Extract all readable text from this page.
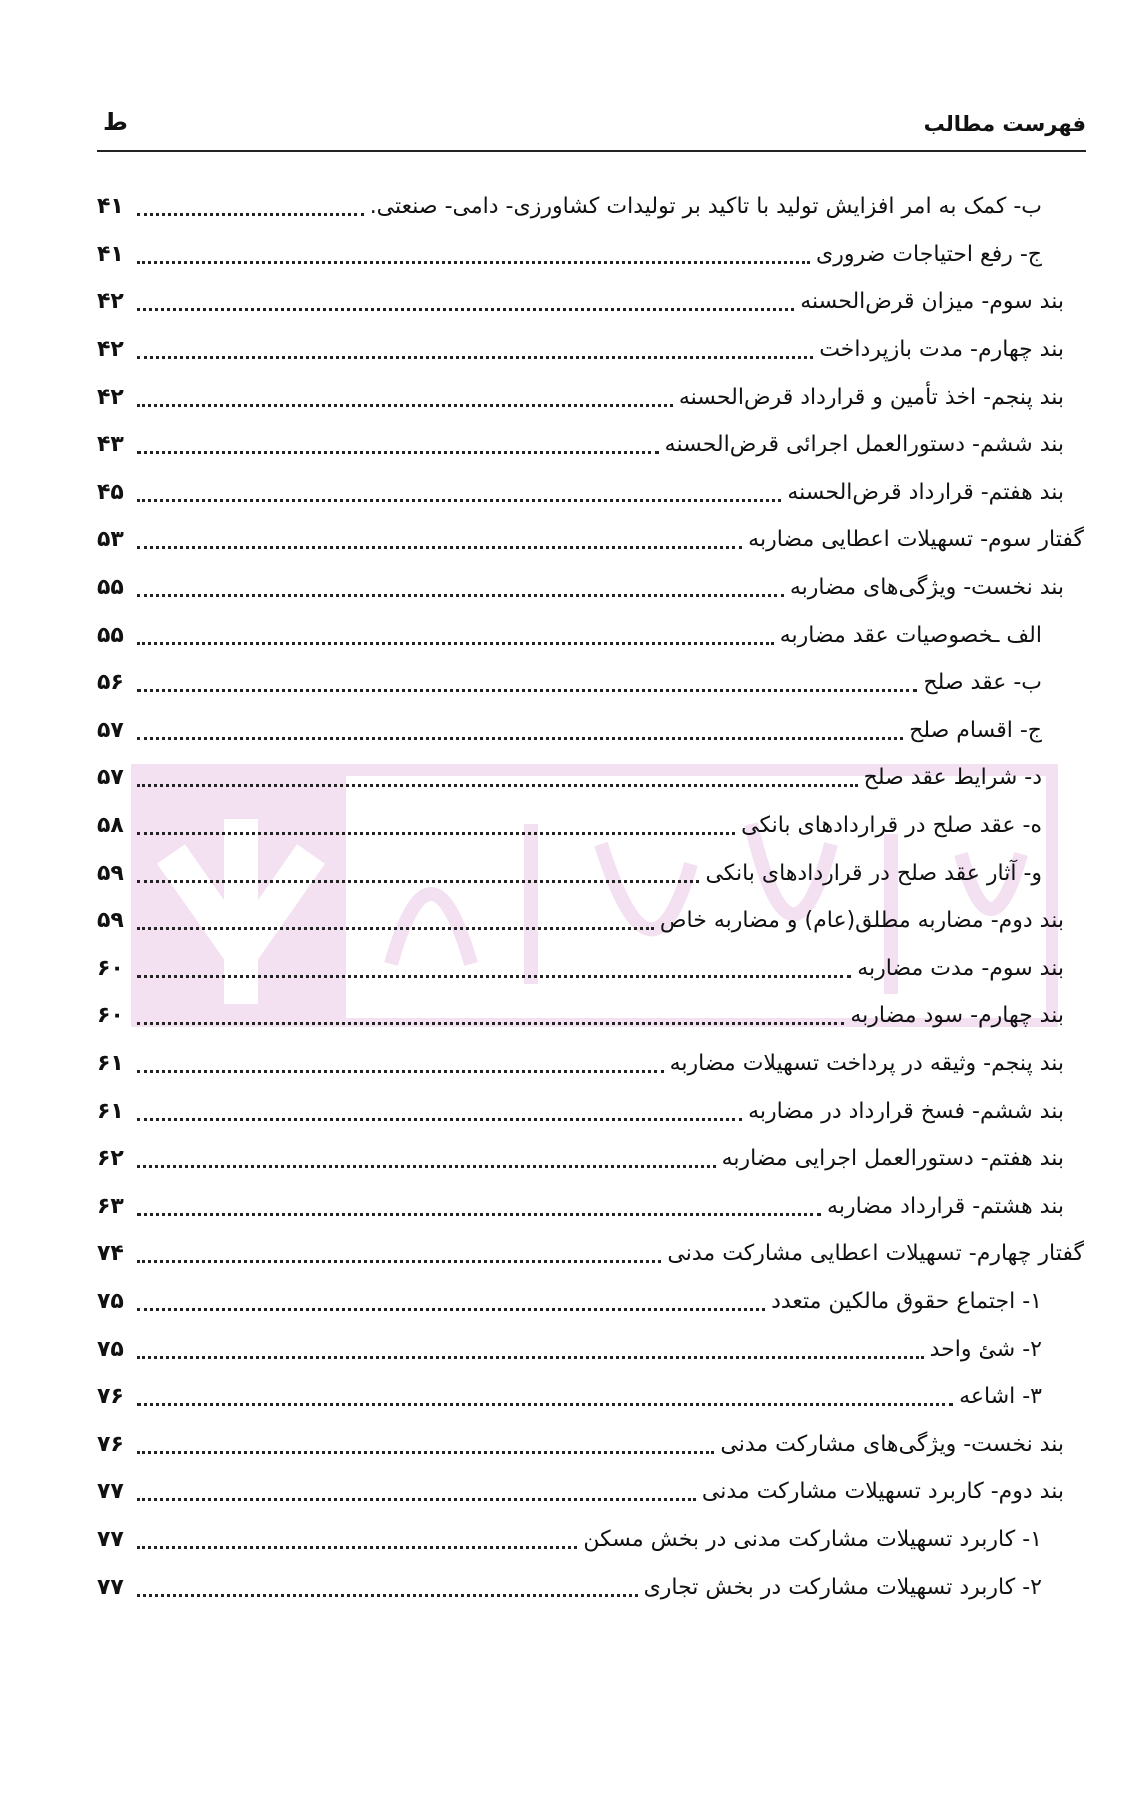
فهرست مطالب
ط
ب- کمک به امر افزایش تولید با تاکید بر تولیدات کشاورزی- دامی- صنعتی.
۴۱
ج- رفع احتیاجات ضروری
۴۱
بند سوم- میزان قرض‌الحسنه
۴۲
بند چهارم- مدت بازپرداخت
۴۲
بند پنجم- اخذ تأمین و قرارداد قرض‌الحسنه
۴۲
بند ششم- دستورالعمل اجرائی قرض‌الحسنه
۴۳
بند هفتم- قرارداد قرض‌الحسنه
۴۵
گفتار سوم- تسهیلات اعطایی مضاربه
۵۳
بند نخست- ویژگی‌های مضاربه
۵۵
الف ـخصوصیات عقد مضاربه
۵۵
ب- عقد صلح
۵۶
ج- اقسام صلح
۵۷
د- شرایط عقد صلح
۵۷
ه- عقد صلح در قراردادهای بانکی
۵۸
و- آثار عقد صلح در قراردادهای بانکی
۵۹
بند دوم- مضاربه مطلق(عام) و مضاربه خاص
۵۹
بند سوم- مدت مضاربه
۶۰
بند چهارم- سود مضاربه
۶۰
بند پنجم- وثیقه در پرداخت تسهیلات مضاربه
۶۱
بند ششم- فسخ قرارداد در مضاربه
۶۱
بند هفتم- دستورالعمل اجرایی مضاربه
۶۲
بند هشتم- قرارداد مضاربه
۶۳
گفتار چهارم- تسهیلات اعطایی مشارکت مدنی
۷۴
۱- اجتماع حقوق مالکین متعدد
۷۵
۲- شئ واحد
۷۵
۳- اشاعه
۷۶
بند نخست- ویژگی‌های مشارکت مدنی
۷۶
بند دوم- کاربرد تسهیلات مشارکت مدنی
۷۷
۱- کاربرد تسهیلات مشارکت مدنی در بخش مسکن
۷۷
۲- کاربرد تسهیلات مشارکت در بخش تجاری
۷۷
